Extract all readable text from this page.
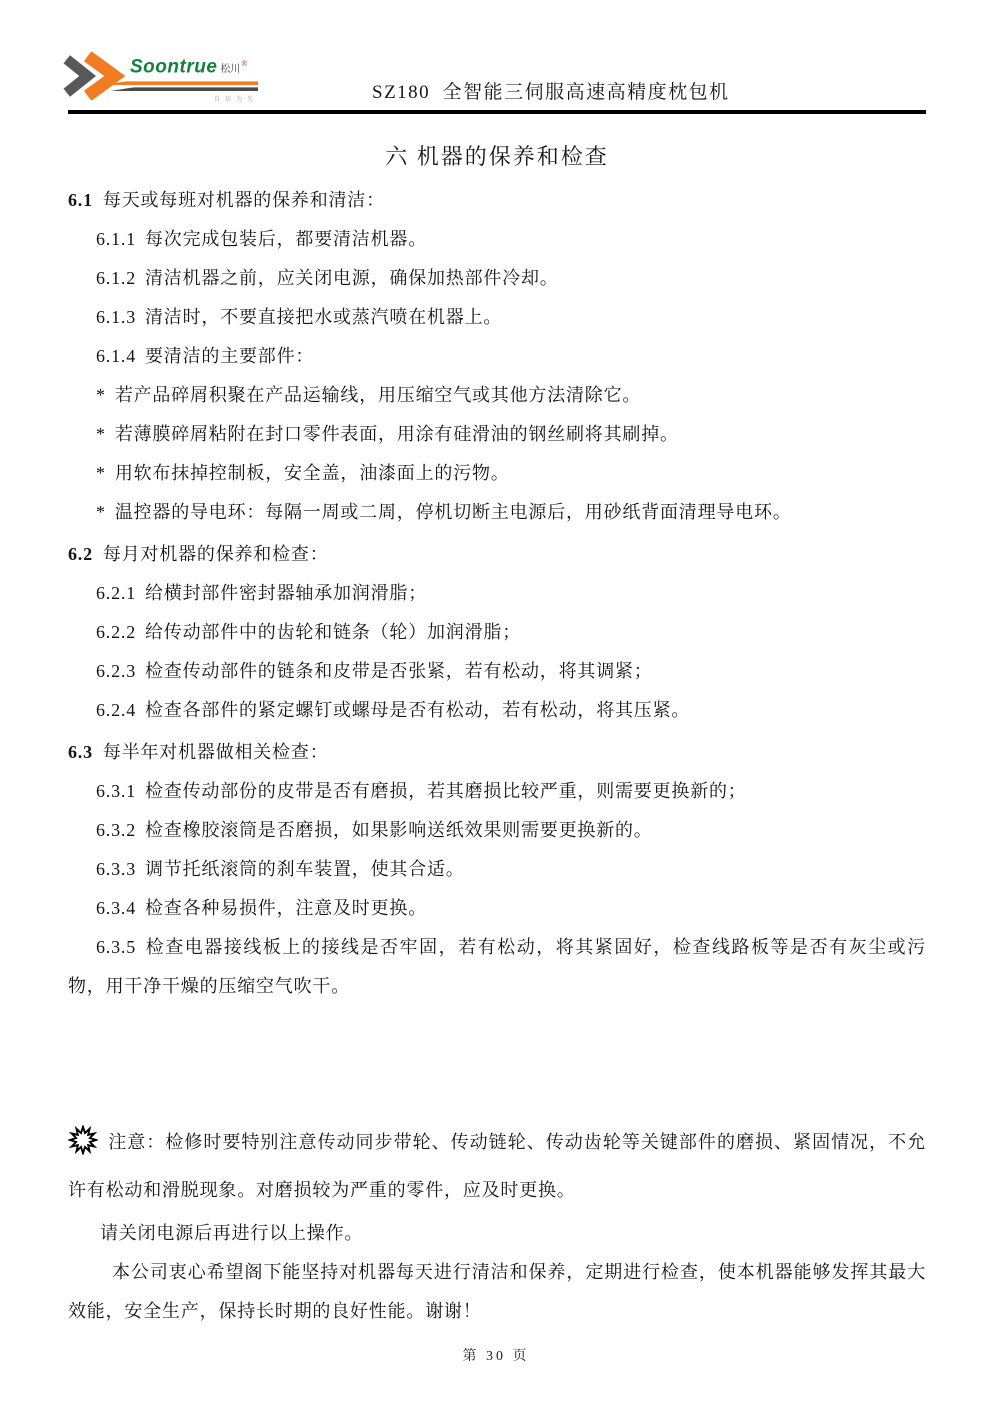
Soontrue 松川®
自信为先	SZ180  全智能三伺服高速高精度枕包机
六 机器的保养和检查

6.1 每天或每班对机器的保养和清洁：

6.1.1 每次完成包装后，都要清洁机器。

6.1.2 清洁机器之前，应关闭电源，确保加热部件冷却。

6.1.3 清洁时，不要直接把水或蒸汽喷在机器上。

6.1.4 要清洁的主要部件：

* 若产品碎屑积聚在产品运输线，用压缩空气或其他方法清除它。

* 若薄膜碎屑粘附在封口零件表面，用涂有硅滑油的钢丝刷将其刷掉。

* 用软布抹掉控制板，安全盖，油漆面上的污物。

* 温控器的导电环：每隔一周或二周，停机切断主电源后，用砂纸背面清理导电环。

6.2 每月对机器的保养和检查：

6.2.1 给横封部件密封器轴承加润滑脂；

6.2.2 给传动部件中的齿轮和链条（轮）加润滑脂；

6.2.3 检查传动部件的链条和皮带是否张紧，若有松动，将其调紧；

6.2.4 检查各部件的紧定螺钉或螺母是否有松动，若有松动，将其压紧。

6.3 每半年对机器做相关检查：

6.3.1 检查传动部份的皮带是否有磨损，若其磨损比较严重，则需要更换新的；

6.3.2 检查橡胶滚筒是否磨损，如果影响送纸效果则需要更换新的。

6.3.3 调节托纸滚筒的刹车装置，使其合适。

6.3.4 检查各种易损件，注意及时更换。

6.3.5 检查电器接线板上的接线是否牢固，若有松动，将其紧固好，检查线路板等是否有灰尘或污物，用干净干燥的压缩空气吹干。

注意：检修时要特别注意传动同步带轮、传动链轮、传动齿轮等关键部件的磨损、紧固情况，不允许有松动和滑脱现象。对磨损较为严重的零件，应及时更换。

请关闭电源后再进行以上操作。

本公司衷心希望阁下能坚持对机器每天进行清洁和保养，定期进行检查，使本机器能够发挥其最大效能，安全生产，保持长时期的良好性能。谢谢！

第 30 页
